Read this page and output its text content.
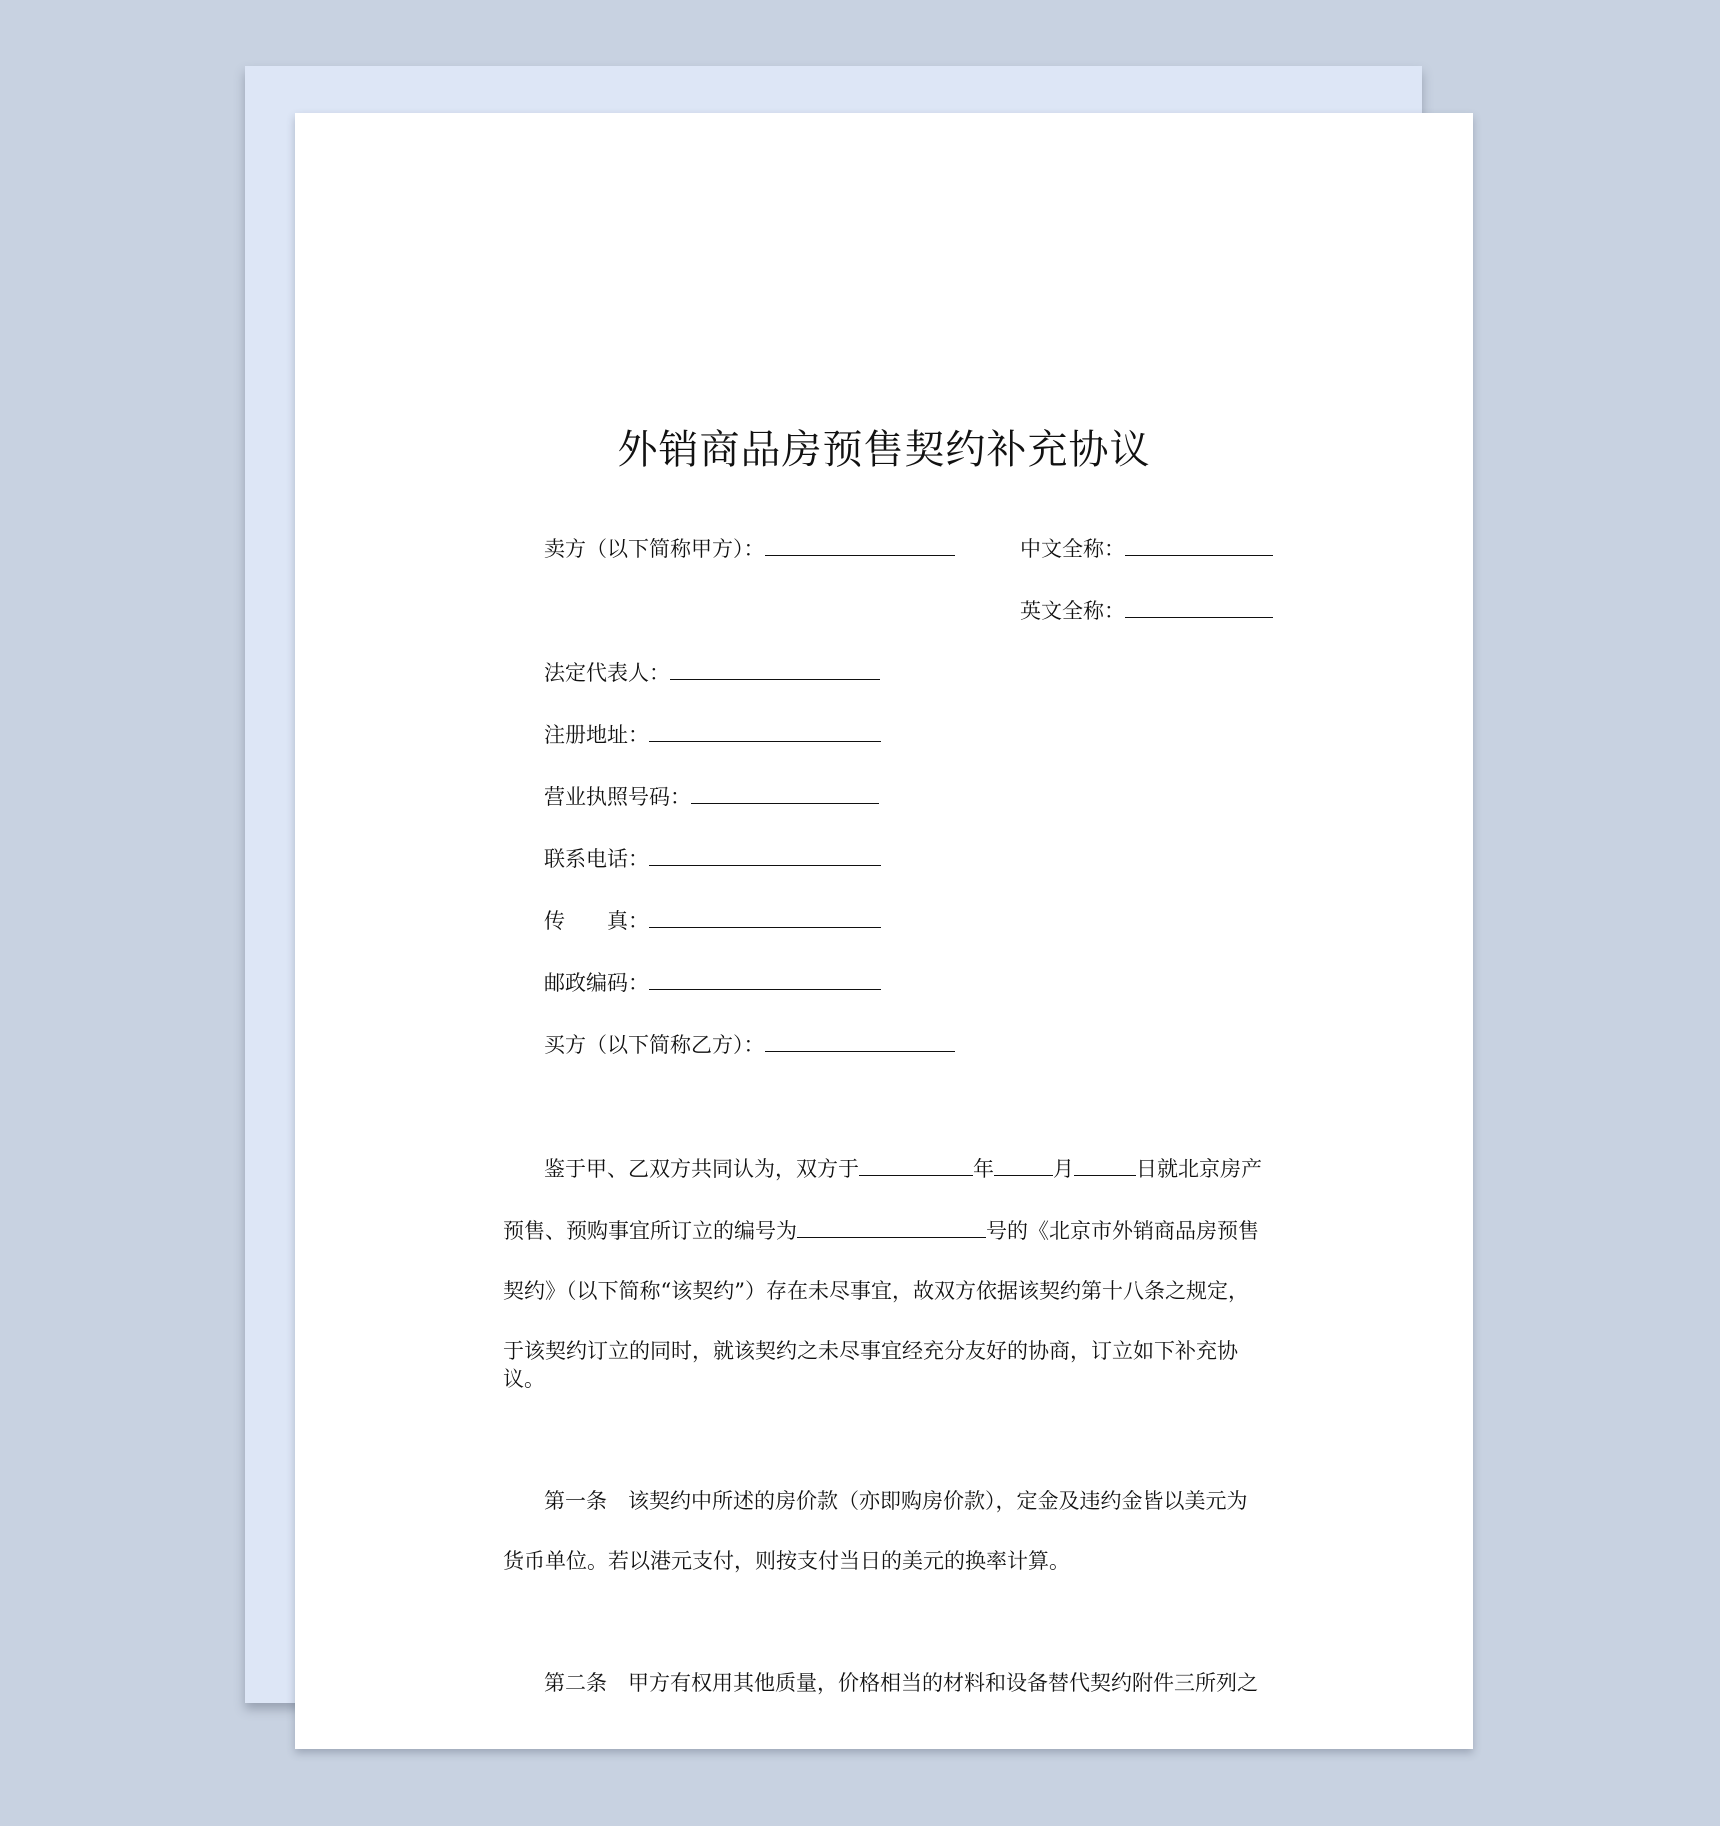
外销商品房预售契约补充协议
卖方（以下简称甲方）：	中文全称：
英文全称：
法定代表人：
注册地址：
营业执照号码：
联系电话：
传　　真：
邮政编码：
买方（以下简称乙方）：
鉴于甲、乙双方共同认为，双方于	年	月	日就北京房产
预售、预购事宜所订立的编号为	号的《北京市外销商品房预售
契约》（以下简称“该契约”）存在未尽事宜，故双方依据该契约第十八条之规定，
于该契约订立的同时，就该契约之未尽事宜经充分友好的协商，订立如下补充协议。
第一条　该契约中所述的房价款（亦即购房价款），定金及违约金皆以美元为
货币单位。若以港元支付，则按支付当日的美元的换率计算。
第二条　甲方有权用其他质量，价格相当的材料和设备替代契约附件三所列之
